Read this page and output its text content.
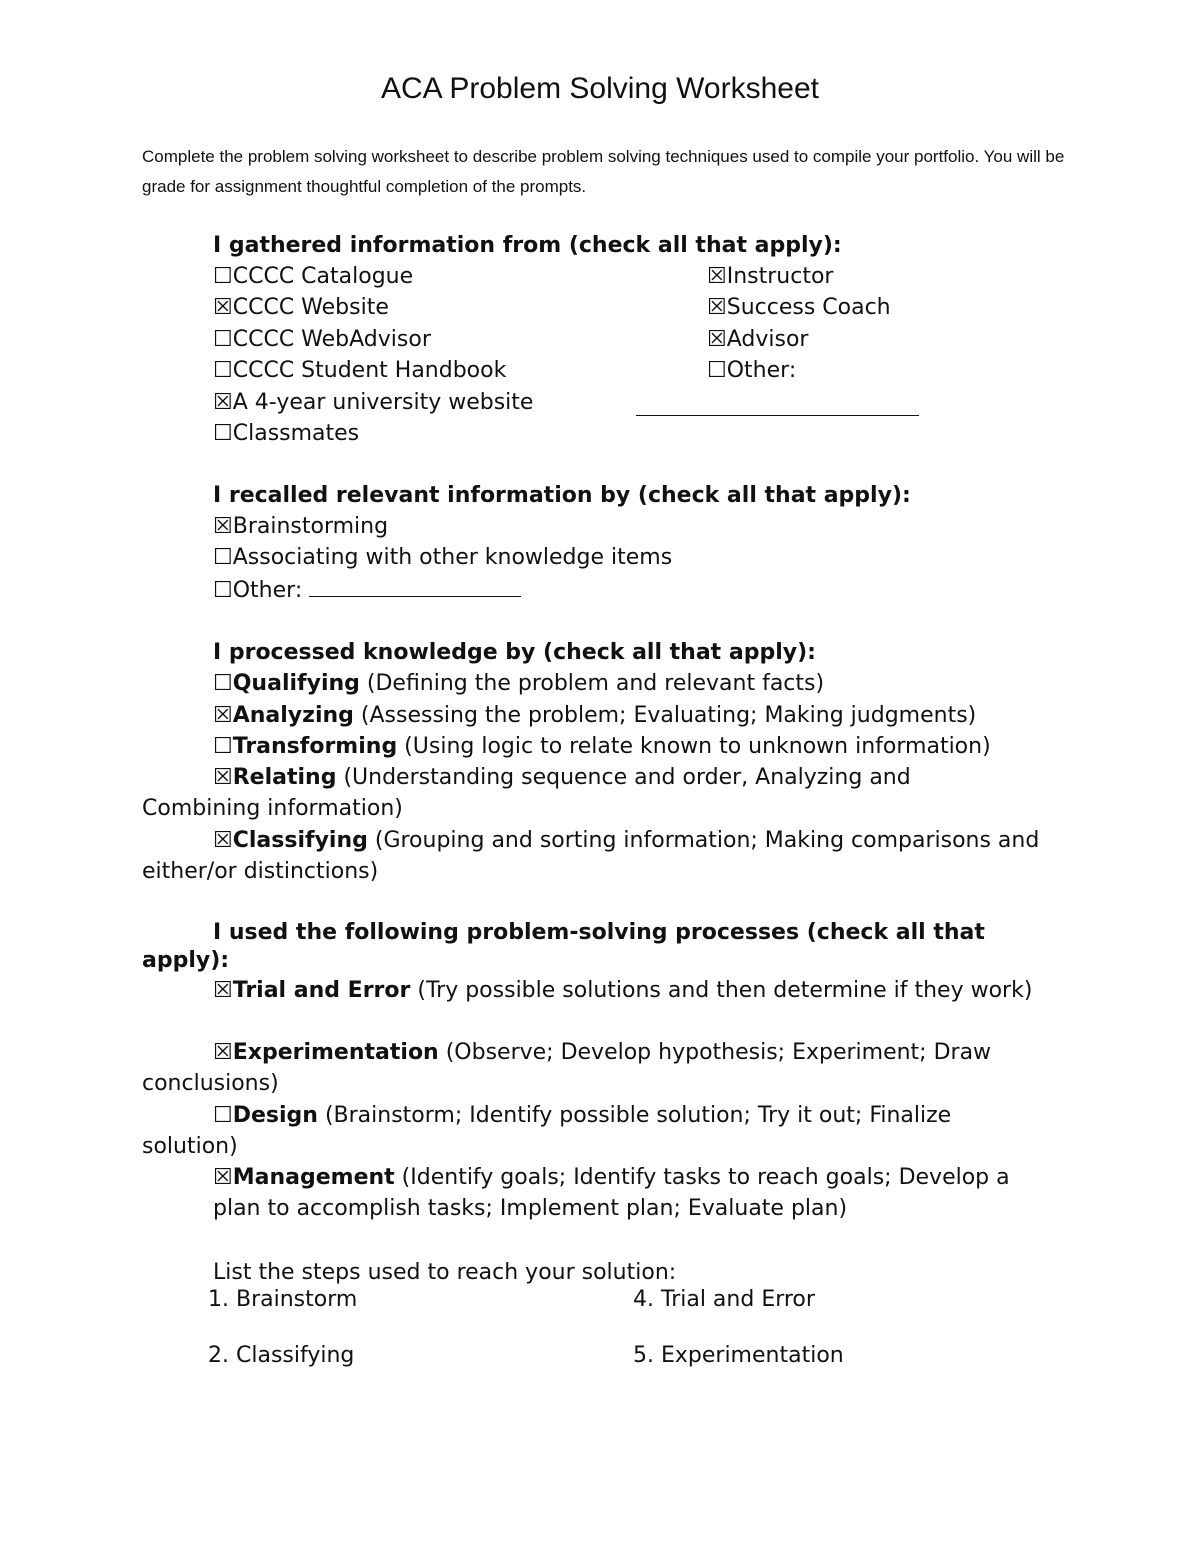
ACA Problem Solving Worksheet
Complete the problem solving worksheet to describe problem solving techniques used to compile your portfolio. You will be grade for assignment thoughtful completion of the prompts.
I gathered information from (check all that apply):
☐CCCC Catalogue
☒CCCC Website
☐CCCC WebAdvisor
☐CCCC Student Handbook
☒A 4-year university website
☐Classmates
☒Instructor
☒Success Coach
☒Advisor
☐Other:
I recalled relevant information by (check all that apply):
☒Brainstorming
☐Associating with other knowledge items
☐Other:
I processed knowledge by (check all that apply):
☐Qualifying (Defining the problem and relevant facts)
☒Analyzing (Assessing the problem; Evaluating; Making judgments)
☐Transforming (Using logic to relate known to unknown information)
☒Relating (Understanding sequence and order, Analyzing and Combining information)
☒Classifying (Grouping and sorting information; Making comparisons and either/or distinctions)
I used the following problem-solving processes (check all that apply):
☒Trial and Error (Try possible solutions and then determine if they work)
☒Experimentation (Observe; Develop hypothesis; Experiment; Draw conclusions)
☐Design (Brainstorm; Identify possible solution; Try it out; Finalize solution)
☒Management (Identify goals; Identify tasks to reach goals; Develop a plan to accomplish tasks; Implement plan; Evaluate plan)
List the steps used to reach your solution:
1. Brainstorm
2. Classifying
4. Trial and Error
5. Experimentation
